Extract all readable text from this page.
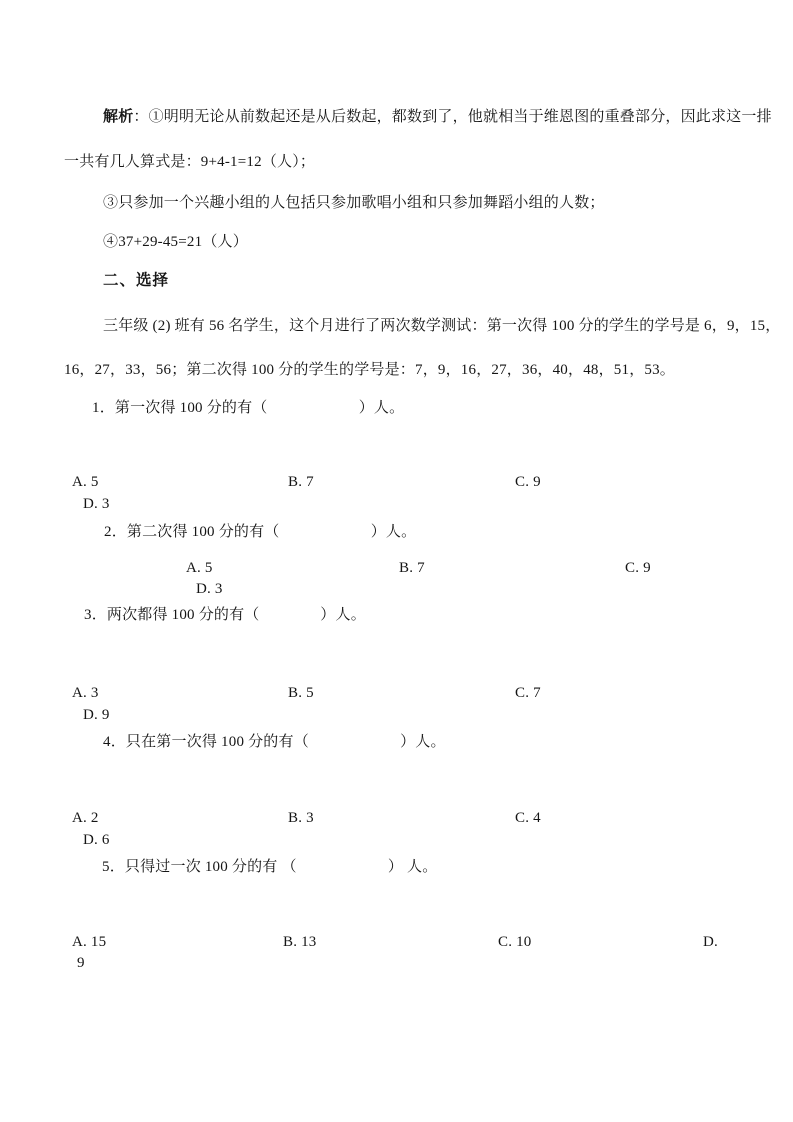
解析：①明明无论从前数起还是从后数起，都数到了，他就相当于维恩图的重叠部分，因此求这一排
一共有几人算式是：9+4-1=12（人）；
③只参加一个兴趣小组的人包括只参加歌唱小组和只参加舞蹈小组的人数；
④37+29-45=21（人）
二、选择
三年级 (2) 班有 56 名学生，这个月进行了两次数学测试：第一次得 100 分的学生的学号是 6，9，15，
16，27，33，56；第二次得 100 分的学生的学号是：7，9，16，27，36，40，48，51，53。
1．第一次得 100 分的有（　　　　　　）人。
A. 5	B. 7	C. 9
D. 3
2．第二次得 100 分的有（　　　　　　）人。
A. 5	B. 7	C. 9
D. 3
3．两次都得 100 分的有（　　　　）人。
A. 3	B. 5	C. 7
D. 9
4．只在第一次得 100 分的有（　　　　　　）人。
A. 2	B. 3	C. 4
D. 6
5．只得过一次 100 分的有 （　　　　　　） 人。
A. 15	B. 13	C. 10	D.
9
